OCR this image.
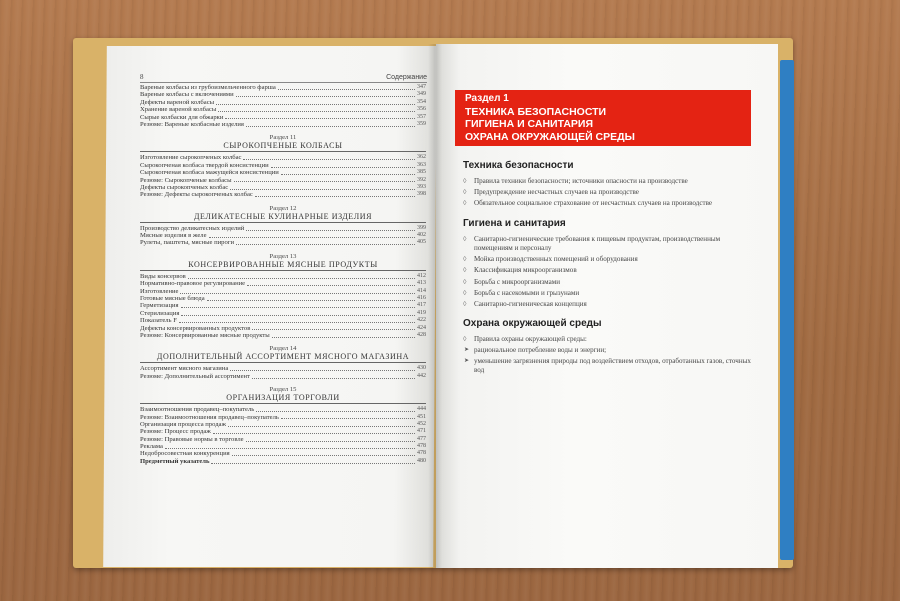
8	Содержание
Вареные колбасы из грубоизмельченного фарша	347
Вареные колбасы с включениями	349
Дефекты вареной колбасы	354
Хранение вареной колбасы	356
Сырые колбаски для обжарки	357
Резюме: Вареные колбасные изделия	359
Раздел 11
СЫРОКОПЧЕНЫЕ КОЛБАСЫ
Изготовление сырокопченых колбас	362
Сырокопченая колбаса твердой консистенции	363
Сырокопченая колбаса мажущейся консистенции	385
Резюме: Сырокопченые колбасы	392
Дефекты сырокопченых колбас	393
Резюме: Дефекты сырокопченых колбас	398
Раздел 12
ДЕЛИКАТЕСНЫЕ КУЛИНАРНЫЕ ИЗДЕЛИЯ
Производство деликатесных изделий	399
Мясные изделия в желе	402
Рулеты, паштеты, мясные пироги	405
Раздел 13
КОНСЕРВИРОВАННЫЕ МЯСНЫЕ ПРОДУКТЫ
Виды консервов	412
Нормативно-правовое регулирование	413
Изготовление	414
Готовые мясные блюда	416
Герметизация	417
Стерилизация	419
Показатель F	422
Дефекты консервированных продуктов	424
Резюме: Консервированные мясные продукты	428
Раздел 14
ДОПОЛНИТЕЛЬНЫЙ АССОРТИМЕНТ МЯСНОГО МАГАЗИНА
Ассортимент мясного магазина	430
Резюме: Дополнительный ассортимент	442
Раздел 15
ОРГАНИЗАЦИЯ ТОРГОВЛИ
Взаимоотношения продавец–покупатель	444
Резюме: Взаимоотношения продавец–покупатель	451
Организация процесса продаж	452
Резюме: Процесс продаж	471
Резюме: Правовые нормы в торговле	477
Реклама	478
Недобросовестная конкуренция	478
Предметный указатель	480
Раздел 1
ТЕХНИКА БЕЗОПАСНОСТИ
ГИГИЕНА И САНИТАРИЯ
ОХРАНА ОКРУЖАЮЩЕЙ СРЕДЫ
Техника безопасности
◊ Правила техники безопасности; источники опасности на производстве
◊ Предупреждение несчастных случаев на производстве
◊ Обязательное социальное страхование от несчастных случаев на производстве
Гигиена и санитария
◊ Санитарно-гигиенические требования к пищевым продуктам, производственным помещениям и персоналу
◊ Мойка производственных помещений и оборудования
◊ Классификация микроорганизмов
◊ Борьба с микроорганизмами
◊ Борьба с насекомыми и грызунами
◊ Санитарно-гигиеническая концепция
Охрана окружающей среды
◊ Правила охраны окружающей среды:
➤ рациональное потребление воды и энергии;
➤ уменьшение загрязнения природы под воздействием отходов, отработанных газов, сточных вод
